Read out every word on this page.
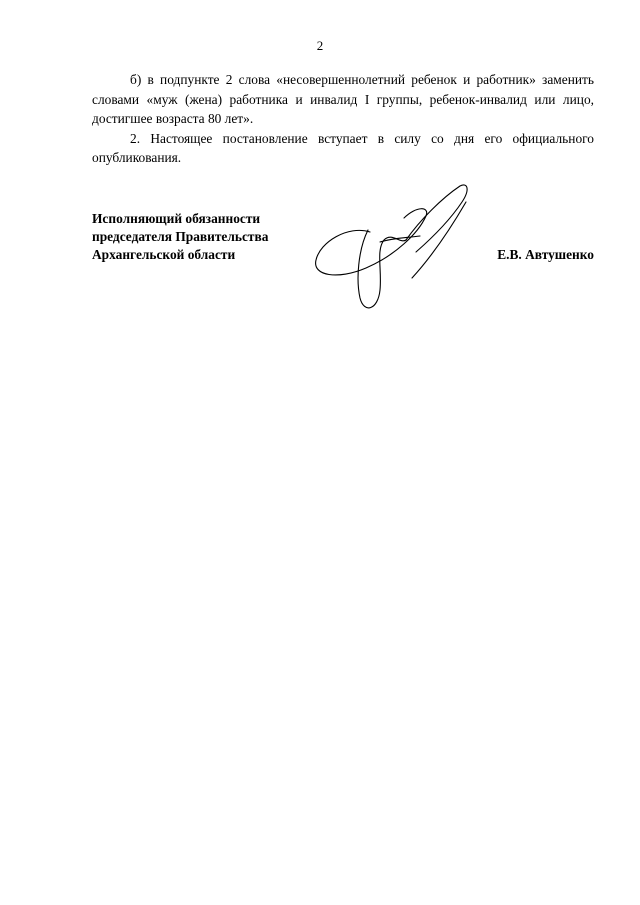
2

б) в подпункте 2 слова «несовершеннолетний ребенок и работник» заменить словами «муж (жена) работника и инвалид I группы, ребенок-инвалид или лицо, достигшее возраста 80 лет».

2. Настоящее постановление вступает в силу со дня его официального опубликования.

Исполняющий обязанности
председателя Правительства
Архангельской области	Е.В. Автушенко
